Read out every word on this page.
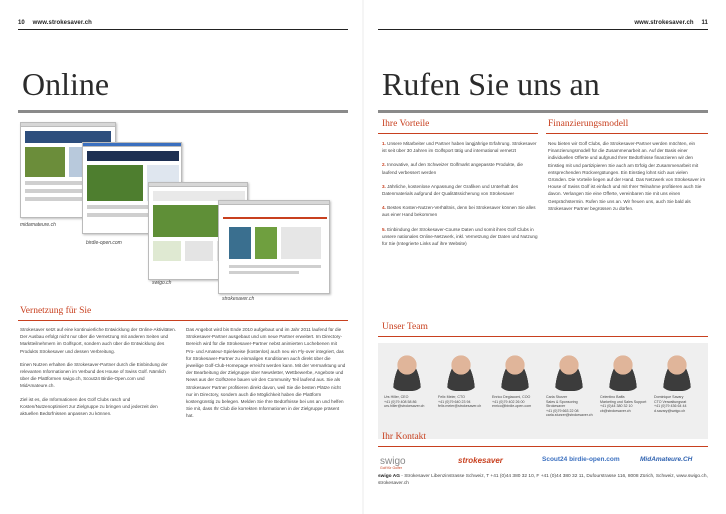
10 www.strokesaver.ch
Online
midamateure.ch
birdie-open.com
swigo.ch
strokesaver.ch
Vernetzung für Sie

Strokesaver setzt auf eine kontinuierliche Entwicklung der Online-Aktivitäten. Der Ausbau erfolgt nicht nur über die Vernetzung mit anderen Seiten und Marktteilnehmern im Golfsport, sondern auch über die Entwicklung des Produkts Strokesaver und dessen Verbreitung.

Einen Nutzen erhalten die Strokesaver-Partner durch die Einbindung der relevanten Informationen im Verbund des House of Swiss Golf. Nämlich über die Plattformen swigo.ch, Scout24 Birdie-Open.com und MidAmateure.ch.

Ziel ist es, die Informationen des Golf Clubs rasch und Kosten/Nutzenoptimiert zur Zielgruppe zu bringen und jederzeit den aktuellen Bedürfnissen anpassen zu können.

Das Angebot wird bis Ende 2010 aufgebaut und im Jahr 2011 laufend für die Strokesaver-Partner ausgebaut und um neue Partner erweitert. Im Directory-Bereich wird für die Strokesaver-Partner nebst animierten Lochebenen mit Pro- und Amateur-Spielweise (kostenlos) auch neu ein Fly-over integriert, das für Strokesaver-Partner zu einmaligen Konditionen auch direkt über die jeweilige Golf-Club-Homepage erreicht werden kann. Mit der Vermarktung und der Bearbeitung der Zielgruppe über Newsletter, Wettbewerbe, Angebote und News aus der Golfszene bauen wir den Community Teil laufend aus. Sie als Strokesaver Partner profitieren direkt davon, weil Sie die besten Plätze nicht nur im Directory, sondern auch die Möglichkeit haben die Plattform kostengünstig zu belegen. Melden Sie Ihre Bedürfnisse bei uns an und helfen Sie mit, dass Ihr Club die korrekten Informationen in der Zielgruppe präsent hat.

www.strokesaver.ch 11
Rufen Sie uns an
Ihre Vorteile
1. Unsere Mitarbeiter und Partner haben langjährige Erfahrung. Strokesaver ist seit über 30 Jahren im Golfsport tätig und international vernetzt
2. Innovative, auf den Schweizer Golfmarkt angepasste Produkte, die laufend verbessert werden
3. Jährliche, kostenlose Anpassung der Grafiken und Unterhalt des Datenmaterials aufgrund der Qualitätssicherung von Strokesaver
4. Bestes Kosten-Nutzen-Verhältnis, denn bei Strokesaver können Sie alles aus einer Hand bekommen
5. Einbindung der Strokesaver-Course Daten und somit ihres Golf Clubs in unsere nationales Online-Netzwerk, inkl. Vernetzung der Daten und Nutzung für Sie (Integrierte Links auf ihre Website)
Finanzierungsmodell
Neu bieten wir Golf Clubs, die Strokesaver-Partner werden möchten, ein Finanzierungsmodell für die Zusammenarbeit an. Auf der Basis einer individuellen Offerte und aufgrund Ihrer Bedürfnisse finanzieren wir den Einstieg mit und partizipieren Sie auch am Erfolg der Zusammenarbeit mit entsprechenden Rückvergütungen. Ein Einstieg lohnt sich aus vielen Gründen. Die Vorteile liegen auf der Hand. Das Netzwerk von Strokesaver im House of Swiss Golf ist einfach und mit Ihrer Teilnahme profitieren auch Sie davon. Verlangen Sie eine Offerte, vereinbaren Sie mit uns einen Gesprächstermin. Rufen Sie uns an. Wir freuen uns, auch Sie bald als Strokesaver Partner begrüssen zu dürfen.
Unser Team
Urs Hiller, CEO
+41 (0)79 408 58 86
urs.hiller@strokesaver.ch
Felix Meier, CTO
+41 (0)79 640 23 94
felix.meier@strokesaver.ch
Enrico Degiacomi, COO
+41 (0)79 402 26 00
enrico@birdie-open.com
Carla Sturzer
Sales & Sponsoring Strokesaver
+41 (0)79 663 22 08
carla.sturzer@strokesaver.ch
Celentino Baffa
Marketing und Sales Support
+41 (0)44 380 32 10
cb@strokesaver.ch
Dominique Savary
CTO Verwaltungsrat
+41 (0)79 436 64 44
d.savary@swigo.ch
Ihr Kontakt
swigo
Golf für Golfer
strokesaver	Scout24 birdie-open.com	MidAmateure.CH
swigo AG - Strokesaver Libenzinstrasse Schweiz, T +41 (0)44 380 32 10, F +41 (0)44 380 32 11, Dufourstrasse 116, 8008 Zürich, Schweiz, www.swigo.ch, strokesaver.ch
